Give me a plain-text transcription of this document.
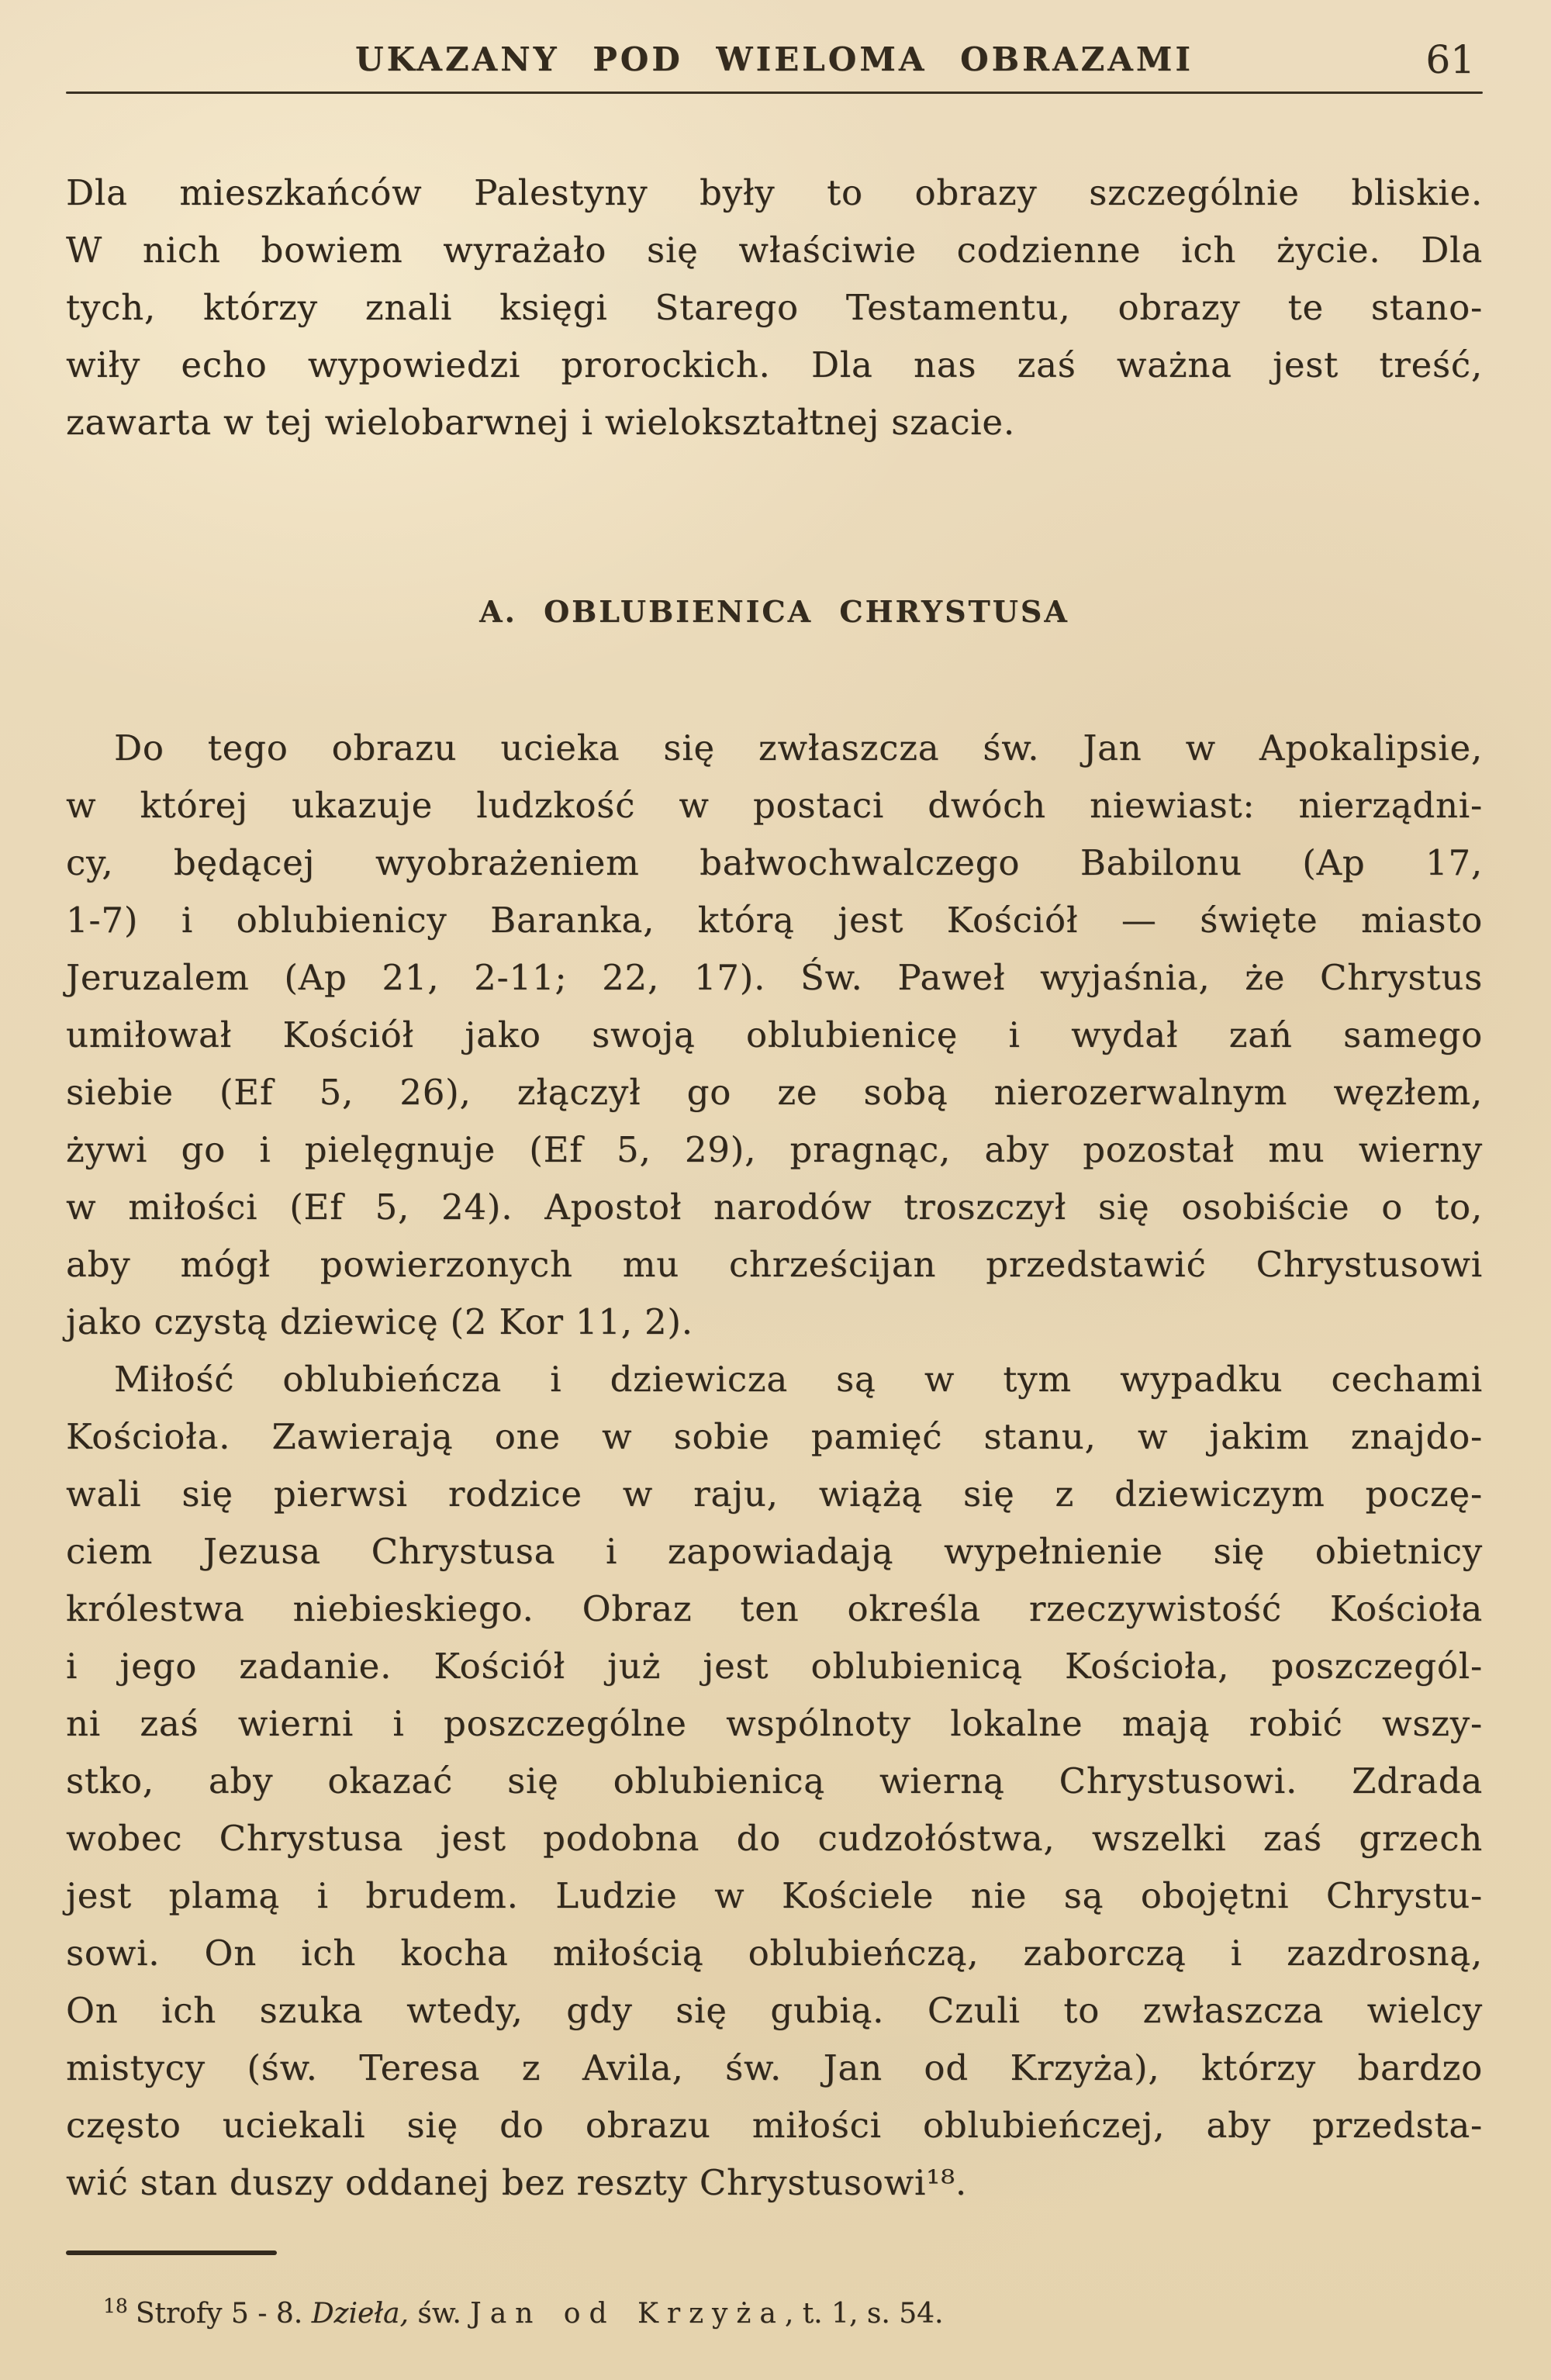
UKAZANY POD WIELOMA OBRAZAMI	61
Dla mieszkańców Palestyny były to obrazy szczególnie bliskie.
W nich bowiem wyrażało się właściwie codzienne ich życie. Dla
tych, którzy znali księgi Starego Testamentu, obrazy te stano-
wiły echo wypowiedzi prorockich. Dla nas zaś ważna jest treść,
zawarta w tej wielobarwnej i wielokształtnej szacie.
A. OBLUBIENICA CHRYSTUSA
Do tego obrazu ucieka się zwłaszcza św. Jan w Apokalipsie,
w której ukazuje ludzkość w postaci dwóch niewiast: nierządni-
cy, będącej wyobrażeniem bałwochwalczego Babilonu (Ap 17,
1-7) i oblubienicy Baranka, którą jest Kościół — święte miasto
Jeruzalem (Ap 21, 2-11; 22, 17). Św. Paweł wyjaśnia, że Chrystus
umiłował Kościół jako swoją oblubienicę i wydał zań samego
siebie (Ef 5, 26), złączył go ze sobą nierozerwalnym węzłem,
żywi go i pielęgnuje (Ef 5, 29), pragnąc, aby pozostał mu wierny
w miłości (Ef 5, 24). Apostoł narodów troszczył się osobiście o to,
aby mógł powierzonych mu chrześcijan przedstawić Chrystusowi
jako czystą dziewicę (2 Kor 11, 2).
Miłość oblubieńcza i dziewicza są w tym wypadku cechami
Kościoła. Zawierają one w sobie pamięć stanu, w jakim znajdo-
wali się pierwsi rodzice w raju, wiążą się z dziewiczym poczę-
ciem Jezusa Chrystusa i zapowiadają wypełnienie się obietnicy
królestwa niebieskiego. Obraz ten określa rzeczywistość Kościoła
i jego zadanie. Kościół już jest oblubienicą Kościoła, poszczegól-
ni zaś wierni i poszczególne wspólnoty lokalne mają robić wszy-
stko, aby okazać się oblubienicą wierną Chrystusowi. Zdrada
wobec Chrystusa jest podobna do cudzołóstwa, wszelki zaś grzech
jest plamą i brudem. Ludzie w Kościele nie są obojętni Chrystu-
sowi. On ich kocha miłością oblubieńczą, zaborczą i zazdrosną,
On ich szuka wtedy, gdy się gubią. Czuli to zwłaszcza wielcy
mistycy (św. Teresa z Avila, św. Jan od Krzyża), którzy bardzo
często uciekali się do obrazu miłości oblubieńczej, aby przedsta-
wić stan duszy oddanej bez reszty Chrystusowi¹⁸.

$^{18}$ Strofy 5 - 8. Dzieła, św. Jan od Krzyża, t. 1, s. 54.
